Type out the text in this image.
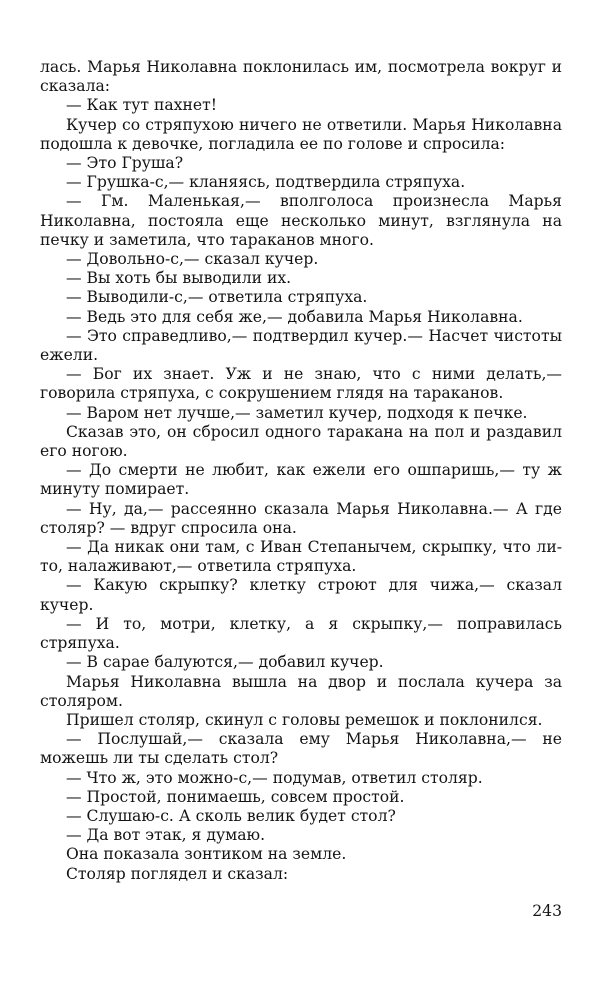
лась. Марья Николавна поклонилась им, посмотрела вокруг и сказала:

— Как тут пахнет!

Кучер со стряпухою ничего не ответили. Марья Николавна подошла к девочке, погладила ее по голове и спросила:

— Это Груша?

— Грушка-с,— кланяясь, подтвердила стряпуха.

— Гм. Маленькая,— вполголоса произнесла Марья Николавна, постояла еще несколько минут, взглянула на печку и заметила, что тараканов много.

— Довольно-с,— сказал кучер.

— Вы хоть бы выводили их.

— Выводили-с,— ответила стряпуха.

— Ведь это для себя же,— добавила Марья Николавна.

— Это справедливо,— подтвердил кучер.— Насчет чистоты ежели.

— Бог их знает. Уж и не знаю, что с ними делать,— говорила стряпуха, с сокрушением глядя на тараканов.

— Варом нет лучше,— заметил кучер, подходя к печке.

Сказав это, он сбросил одного таракана на пол и раздавил его ногою.

— До смерти не любит, как ежели его ошпаришь,— ту ж минуту помирает.

— Ну, да,— рассеянно сказала Марья Николавна.— А где столяр? — вдруг спросила она.

— Да никак они там, с Иван Степанычем, скрыпку, что ли-то, налаживают,— ответила стряпуха.

— Какую скрыпку? клетку строют для чижа,— сказал кучер.

— И то, мотри, клетку, а я скрыпку,— поправилась стряпуха.

— В сарае балуются,— добавил кучер.

Марья Николавна вышла на двор и послала кучера за столяром.

Пришел столяр, скинул с головы ремешок и поклонился.

— Послушай,— сказала ему Марья Николавна,— не можешь ли ты сделать стол?

— Что ж, это можно-с,— подумав, ответил столяр.

— Простой, понимаешь, совсем простой.

— Слушаю-с. А сколь велик будет стол?

— Да вот этак, я думаю.

Она показала зонтиком на земле.

Столяр поглядел и сказал:

243
